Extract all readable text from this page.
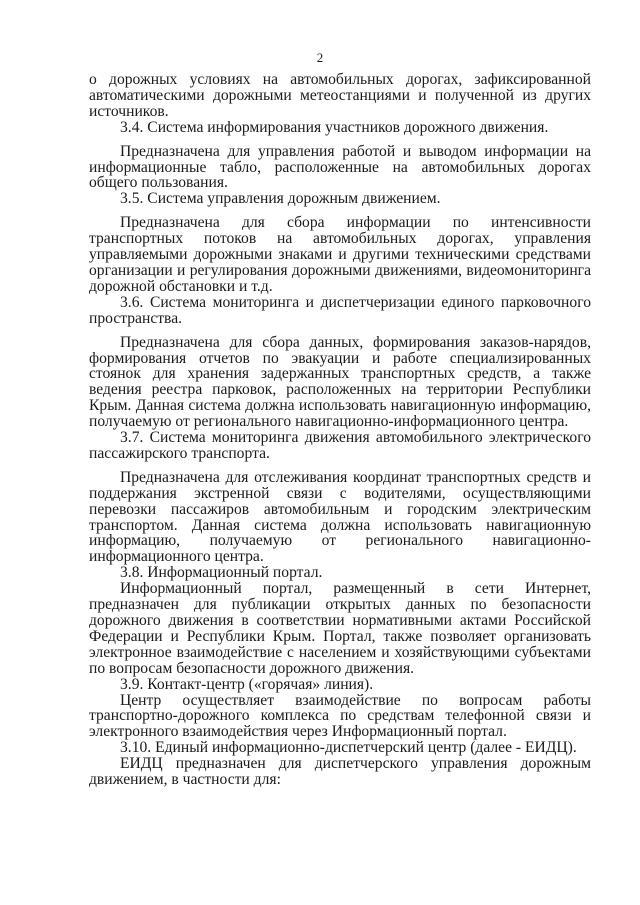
2

о дорожных условиях на автомобильных дорогах, зафиксированной автоматическими дорожными метеостанциями и полученной из других источников.

3.4. Система информирования участников дорожного движения.

Предназначена для управления работой и выводом информации на информационные табло, расположенные на автомобильных дорогах общего пользования.

3.5. Система управления дорожным движением.

Предназначена для сбора информации по интенсивности транспортных потоков на автомобильных дорогах, управления управляемыми дорожными знаками и другими техническими средствами организации и регулирования дорожными движениями, видеомониторинга дорожной обстановки и т.д.

3.6. Система мониторинга и диспетчеризации единого парковочного пространства.

Предназначена для сбора данных, формирования заказов-нарядов, формирования отчетов по эвакуации и работе специализированных стоянок для хранения задержанных транспортных средств, а также ведения реестра парковок, расположенных на территории Республики Крым. Данная система должна использовать навигационную информацию, получаемую от регионального навигационно-информационного центра.

3.7. Система мониторинга движения автомобильного электрического пассажирского транспорта.

Предназначена для отслеживания координат транспортных средств и поддержания экстренной связи с водителями, осуществляющими перевозки пассажиров автомобильным и городским электрическим транспортом. Данная система должна использовать навигационную информацию, получаемую от регионального навигационно-информационного центра.

3.8. Информационный портал.

Информационный портал, размещенный в сети Интернет, предназначен для публикации открытых данных по безопасности дорожного движения в соответствии нормативными актами Российской Федерации и Республики Крым. Портал, также позволяет организовать электронное взаимодействие с населением и хозяйствующими субъектами по вопросам безопасности дорожного движения.

3.9. Контакт-центр («горячая» линия).

Центр осуществляет взаимодействие по вопросам работы транспортно-дорожного комплекса по средствам телефонной связи и электронного взаимодействия через Информационный портал.

3.10. Единый информационно-диспетчерский центр (далее - ЕИДЦ).

ЕИДЦ предназначен для диспетчерского управления дорожным движением, в частности для:
